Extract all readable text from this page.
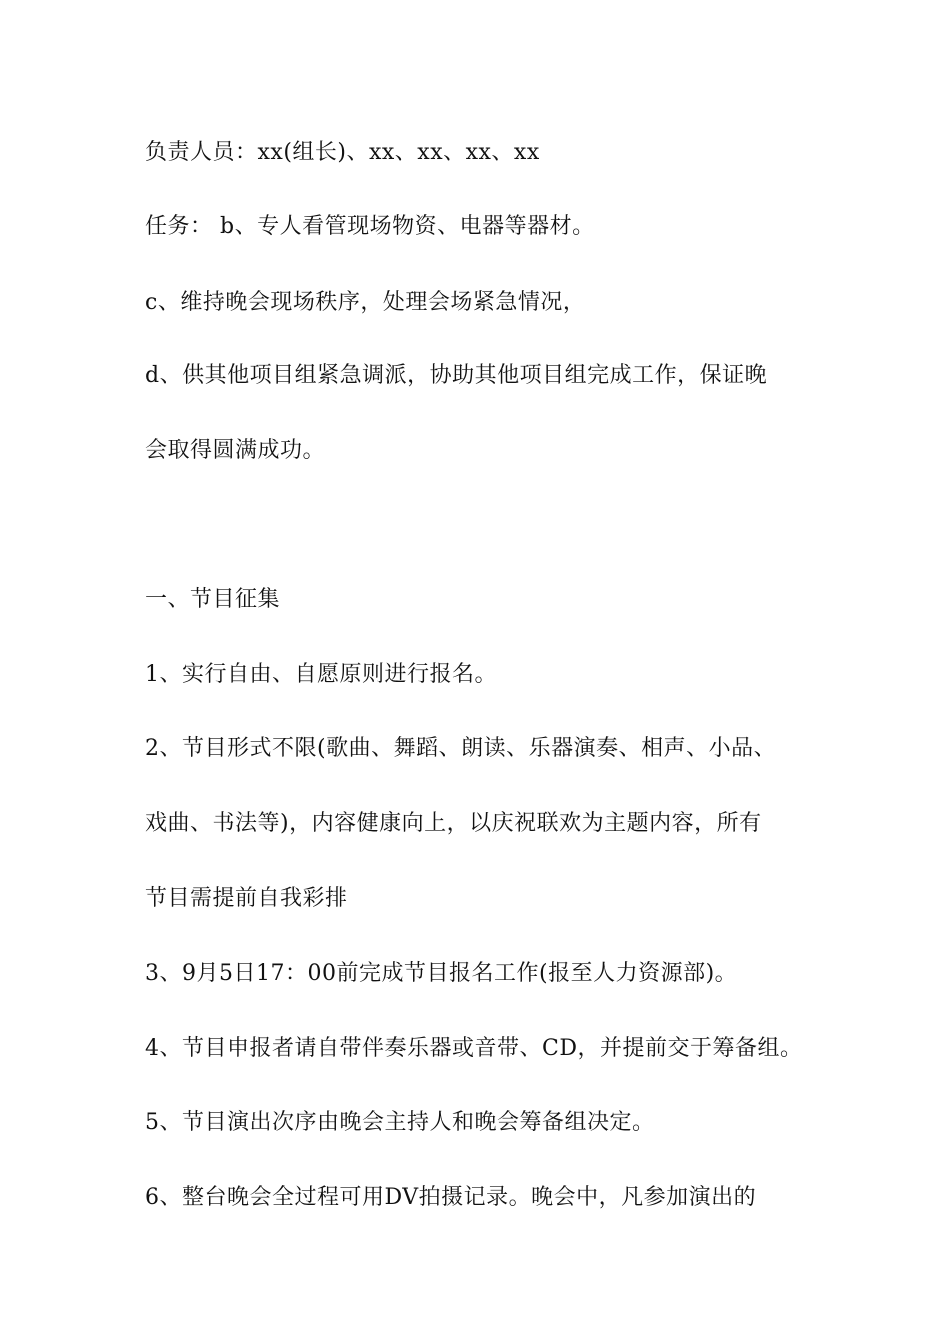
负责人员：xx(组长)、xx、xx、xx、xx
任务： b、专人看管现场物资、电器等器材。
c、维持晚会现场秩序，处理会场紧急情况，
d、供其他项目组紧急调派，协助其他项目组完成工作，保证晚
会取得圆满成功。
一、节目征集
1、实行自由、自愿原则进行报名。
2、节目形式不限(歌曲、舞蹈、朗读、乐器演奏、相声、小品、
戏曲、书法等)，内容健康向上，以庆祝联欢为主题内容，所有
节目需提前自我彩排
3、9月5日17：00前完成节目报名工作(报至人力资源部)。
4、节目申报者请自带伴奏乐器或音带、CD，并提前交于筹备组。
5、节目演出次序由晚会主持人和晚会筹备组决定。
6、整台晚会全过程可用DV拍摄记录。晚会中，凡参加演出的
